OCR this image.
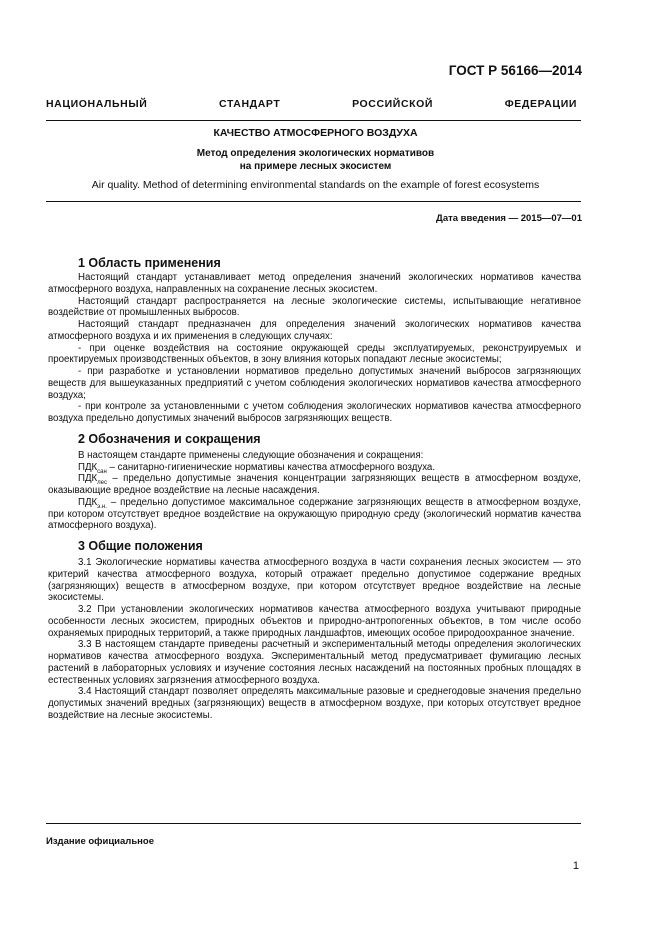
ГОСТ Р 56166—2014
НАЦИОНАЛЬНЫЙ СТАНДАРТ РОССИЙСКОЙ ФЕДЕРАЦИИ
КАЧЕСТВО АТМОСФЕРНОГО ВОЗДУХА
Метод определения экологических нормативов
на примере лесных экосистем
Air quality. Method of determining environmental standards on the example of forest ecosystems
Дата введения — 2015—07—01
1 Область применения

Настоящий стандарт устанавливает метод определения значений экологических нормативов качества атмосферного воздуха, направленных на сохранение лесных экосистем.

Настоящий стандарт распространяется на лесные экологические системы, испытывающие негативное воздействие от промышленных выбросов.

Настоящий стандарт предназначен для определения значений экологических нормативов качества атмосферного воздуха и их применения в следующих случаях:

- при оценке воздействия на состояние окружающей среды эксплуатируемых, реконструируемых и проектируемых производственных объектов, в зону влияния которых попадают лесные экосистемы;

- при разработке и установлении нормативов предельно допустимых значений выбросов загрязняющих веществ для вышеуказанных предприятий с учетом соблюдения экологических нормативов качества атмосферного воздуха;

- при контроле за установленными с учетом соблюдения экологических нормативов качества атмосферного воздуха предельно допустимых значений выбросов загрязняющих веществ.

2 Обозначения и сокращения

В настоящем стандарте применены следующие обозначения и сокращения:

$ПДК_{сан}$ – санитарно-гигиенические нормативы качества атмосферного воздуха.

$ПДК_{лес}$ – предельно допустимые значения концентрации загрязняющих веществ в атмосферном воздухе, оказывающие вредное воздействие на лесные насаждения.

$ПДК_{э.н.}$ – предельно допустимое максимальное содержание загрязняющих веществ в атмосферном воздухе, при котором отсутствует вредное воздействие на окружающую природную среду (экологический норматив качества атмосферного воздуха).

3 Общие положения

3.1 Экологические нормативы качества атмосферного воздуха в части сохранения лесных экосистем — это критерий качества атмосферного воздуха, который отражает предельно допустимое содержание вредных (загрязняющих) веществ в атмосферном воздухе, при котором отсутствует вредное воздействие на лесные экосистемы.

3.2 При установлении экологических нормативов качества атмосферного воздуха учитывают природные особенности лесных экосистем, природных объектов и природно-антропогенных объектов, в том числе особо охраняемых природных территорий, а также природных ландшафтов, имеющих особое природоохранное значение.

3.3 В настоящем стандарте приведены расчетный и экспериментальный методы определения экологических нормативов качества атмосферного воздуха. Экспериментальный метод предусматривает фумигацию лесных растений в лабораторных условиях и изучение состояния лесных насаждений на постоянных пробных площадях в естественных условиях загрязнения атмосферного воздуха.

3.4 Настоящий стандарт позволяет определять максимальные разовые и среднегодовые значения предельно допустимых значений вредных (загрязняющих) веществ в атмосферном воздухе, при которых отсутствует вредное воздействие на лесные экосистемы.

Издание официальное
1
